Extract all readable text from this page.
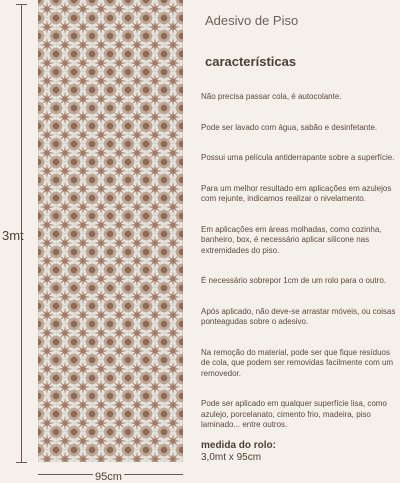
3mt
95cm
Adesivo de Piso
características
Não precisa passar cola, é autocolante.
Pode ser lavado com água, sabão e desinfetante.
Possui uma película antiderrapante sobre a superfície.
Para um melhor resultado em aplicações em azulejos com rejunte, indicamos realizar o nivelamento.
Em aplicações em áreas molhadas, como cozinha, banheiro, box, é necessário aplicar silicone nas extremidades do piso.
É necessário sobrepor 1cm de um rolo para o outro.
Após aplicado, não deve-se arrastar móveis, ou coisas ponteagudas sobre o adesivo.
Na remoção do material, pode ser que fique resíduos de cola, que podem ser removidas facilmente com um removedor.
Pode ser aplicado em qualquer superfície lisa, como azulejo, porcelanato, cimento frio, madeira, piso laminado... entre outros.
medida do rolo:
3,0mt x 95cm
